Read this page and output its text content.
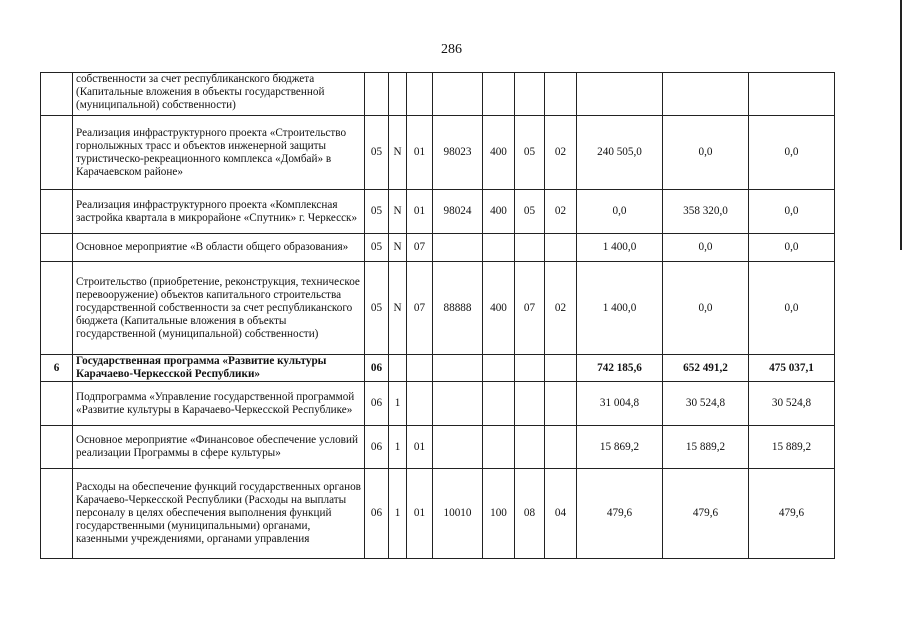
286
	собственности за счет республиканского бюджета (Капитальные вложения в объекты государственной (муниципальной) собственности)										
	Реализация инфраструктурного проекта «Строительство горнолыжных трасс и объектов инженерной защиты туристическо-рекреационного комплекса «Домбай» в Карачаевском районе»	05	N	01	98023	400	05	02	240 505,0	0,0	0,0
	Реализация инфраструктурного проекта «Комплексная застройка квартала в микрорайоне «Спутник» г. Черкесск»	05	N	01	98024	400	05	02	0,0	358 320,0	0,0
	Основное мероприятие «В области общего образования»	05	N	07					1 400,0	0,0	0,0
	Строительство (приобретение, реконструкция, техническое перевооружение) объектов капитального строительства государственной собственности за счет республиканского бюджета (Капитальные вложения в объекты государственной (муниципальной) собственности)	05	N	07	88888	400	07	02	1 400,0	0,0	0,0
6	Государственная программа «Развитие культуры Карачаево-Черкесской Республики»	06							742 185,6	652 491,2	475 037,1
	Подпрограмма «Управление государственной программой «Развитие культуры в Карачаево-Черкесской Республике»	06	1						31 004,8	30 524,8	30 524,8
	Основное мероприятие «Финансовое обеспечение условий реализации Программы в сфере культуры»	06	1	01					15 869,2	15 889,2	15 889,2
	Расходы на обеспечение функций государственных органов Карачаево-Черкесской Республики (Расходы на выплаты персоналу в целях обеспечения выполнения функций государственными (муниципальными) органами, казенными учреждениями, органами управления	06	1	01	10010	100	08	04	479,6	479,6	479,6
